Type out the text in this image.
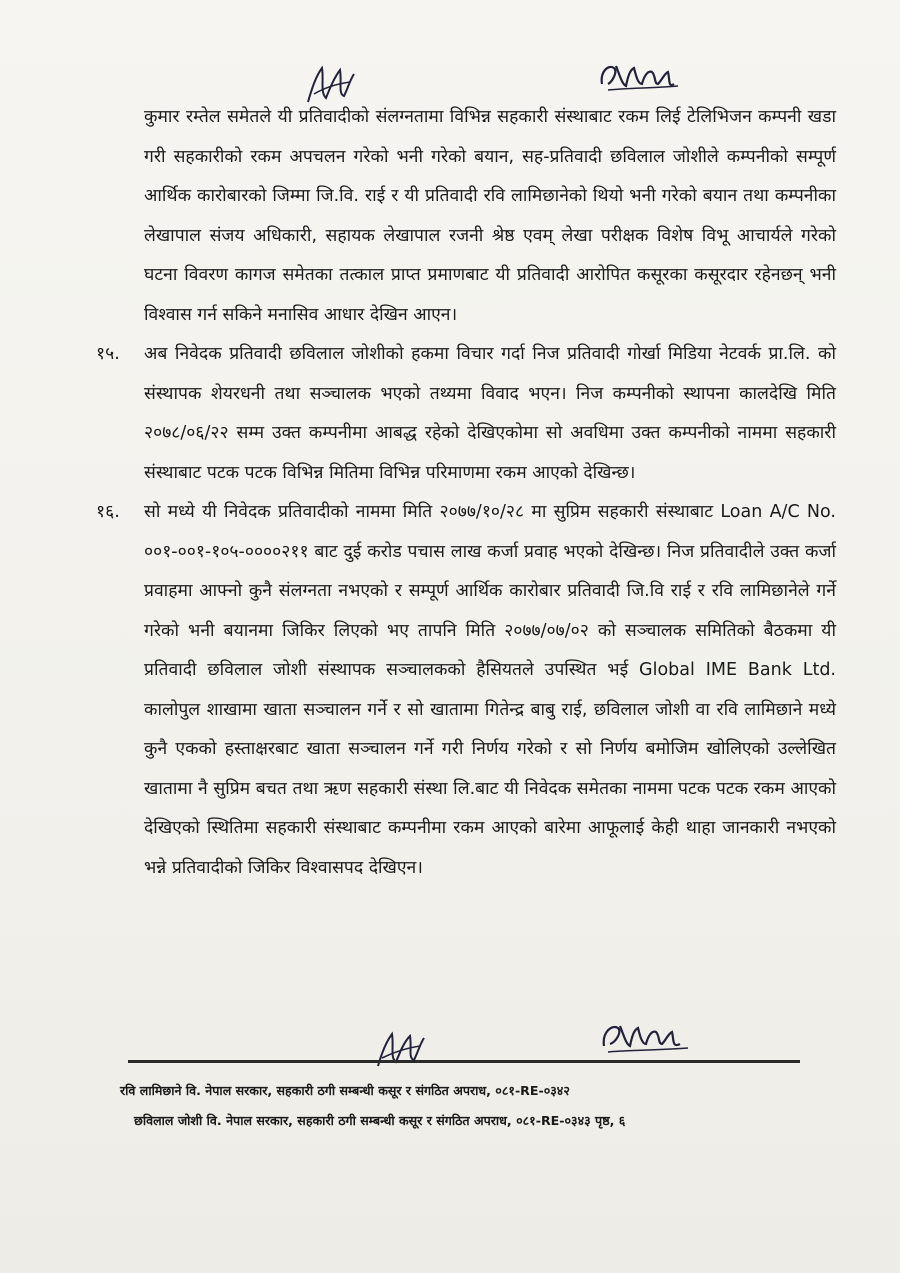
कुमार रम्तेल समेतले यी प्रतिवादीको संलग्नतामा विभिन्न सहकारी संस्थाबाट रकम लिई टेलिभिजन कम्पनी खडा गरी सहकारीको रकम अपचलन गरेको भनी गरेको बयान, सह-प्रतिवादी छविलाल जोशीले कम्पनीको सम्पूर्ण आर्थिक कारोबारको जिम्मा जि.वि. राई र यी प्रतिवादी रवि लामिछानेको थियो भनी गरेको बयान तथा कम्पनीका लेखापाल संजय अधिकारी, सहायक लेखापाल रजनी श्रेष्ठ एवम् लेखा परीक्षक विशेष विभू आचार्यले गरेको घटना विवरण कागज समेतका तत्काल प्राप्त प्रमाणबाट यी प्रतिवादी आरोपित कसूरका कसूरदार रहेनछन् भनी विश्वास गर्न सकिने मनासिव आधार देखिन आएन।

१५.	अब निवेदक प्रतिवादी छविलाल जोशीको हकमा विचार गर्दा निज प्रतिवादी गोर्खा मिडिया नेटवर्क प्रा.लि. को संस्थापक शेयरधनी तथा सञ्चालक भएको तथ्यमा विवाद भएन। निज कम्पनीको स्थापना कालदेखि मिति २०७८/०६/२२ सम्म उक्त कम्पनीमा आबद्ध रहेको देखिएकोमा सो अवधिमा उक्त कम्पनीको नाममा सहकारी संस्थाबाट पटक पटक विभिन्न मितिमा विभिन्न परिमाणमा रकम आएको देखिन्छ।
१६.	सो मध्ये यी निवेदक प्रतिवादीको नाममा मिति २०७७/१०/२८ मा सुप्रिम सहकारी संस्थाबाट Loan A/C No. ००१-००१-१०५-००००२११ बाट दुई करोड पचास लाख कर्जा प्रवाह भएको देखिन्छ। निज प्रतिवादीले उक्त कर्जा प्रवाहमा आफ्नो कुनै संलग्नता नभएको र सम्पूर्ण आर्थिक कारोबार प्रतिवादी जि.वि राई र रवि लामिछानेले गर्ने गरेको भनी बयानमा जिकिर लिएको भए तापनि मिति २०७७/०७/०२ को सञ्चालक समितिको बैठकमा यी प्रतिवादी छविलाल जोशी संस्थापक सञ्चालकको हैसियतले उपस्थित भई Global IME Bank Ltd. कालोपुल शाखामा खाता सञ्चालन गर्ने र सो खातामा गितेन्द्र बाबु राई, छविलाल जोशी वा रवि लामिछाने मध्ये कुनै एकको हस्ताक्षरबाट खाता सञ्चालन गर्ने गरी निर्णय गरेको र सो निर्णय बमोजिम खोलिएको उल्लेखित खातामा नै सुप्रिम बचत तथा ऋण सहकारी संस्था लि.बाट यी निवेदक समेतका नाममा पटक पटक रकम आएको देखिएको स्थितिमा सहकारी संस्थाबाट कम्पनीमा रकम आएको बारेमा आफूलाई केही थाहा जानकारी नभएको भन्ने प्रतिवादीको जिकिर विश्वासपद देखिएन।
रवि लामिछाने वि. नेपाल सरकार, सहकारी ठगी सम्बन्धी कसूर र संगठित अपराध, ०८१-RE-०३४२
छविलाल जोशी वि. नेपाल सरकार, सहकारी ठगी सम्बन्धी कसूर र संगठित अपराध, ०८१-RE-०३४३ पृष्ठ, ६
